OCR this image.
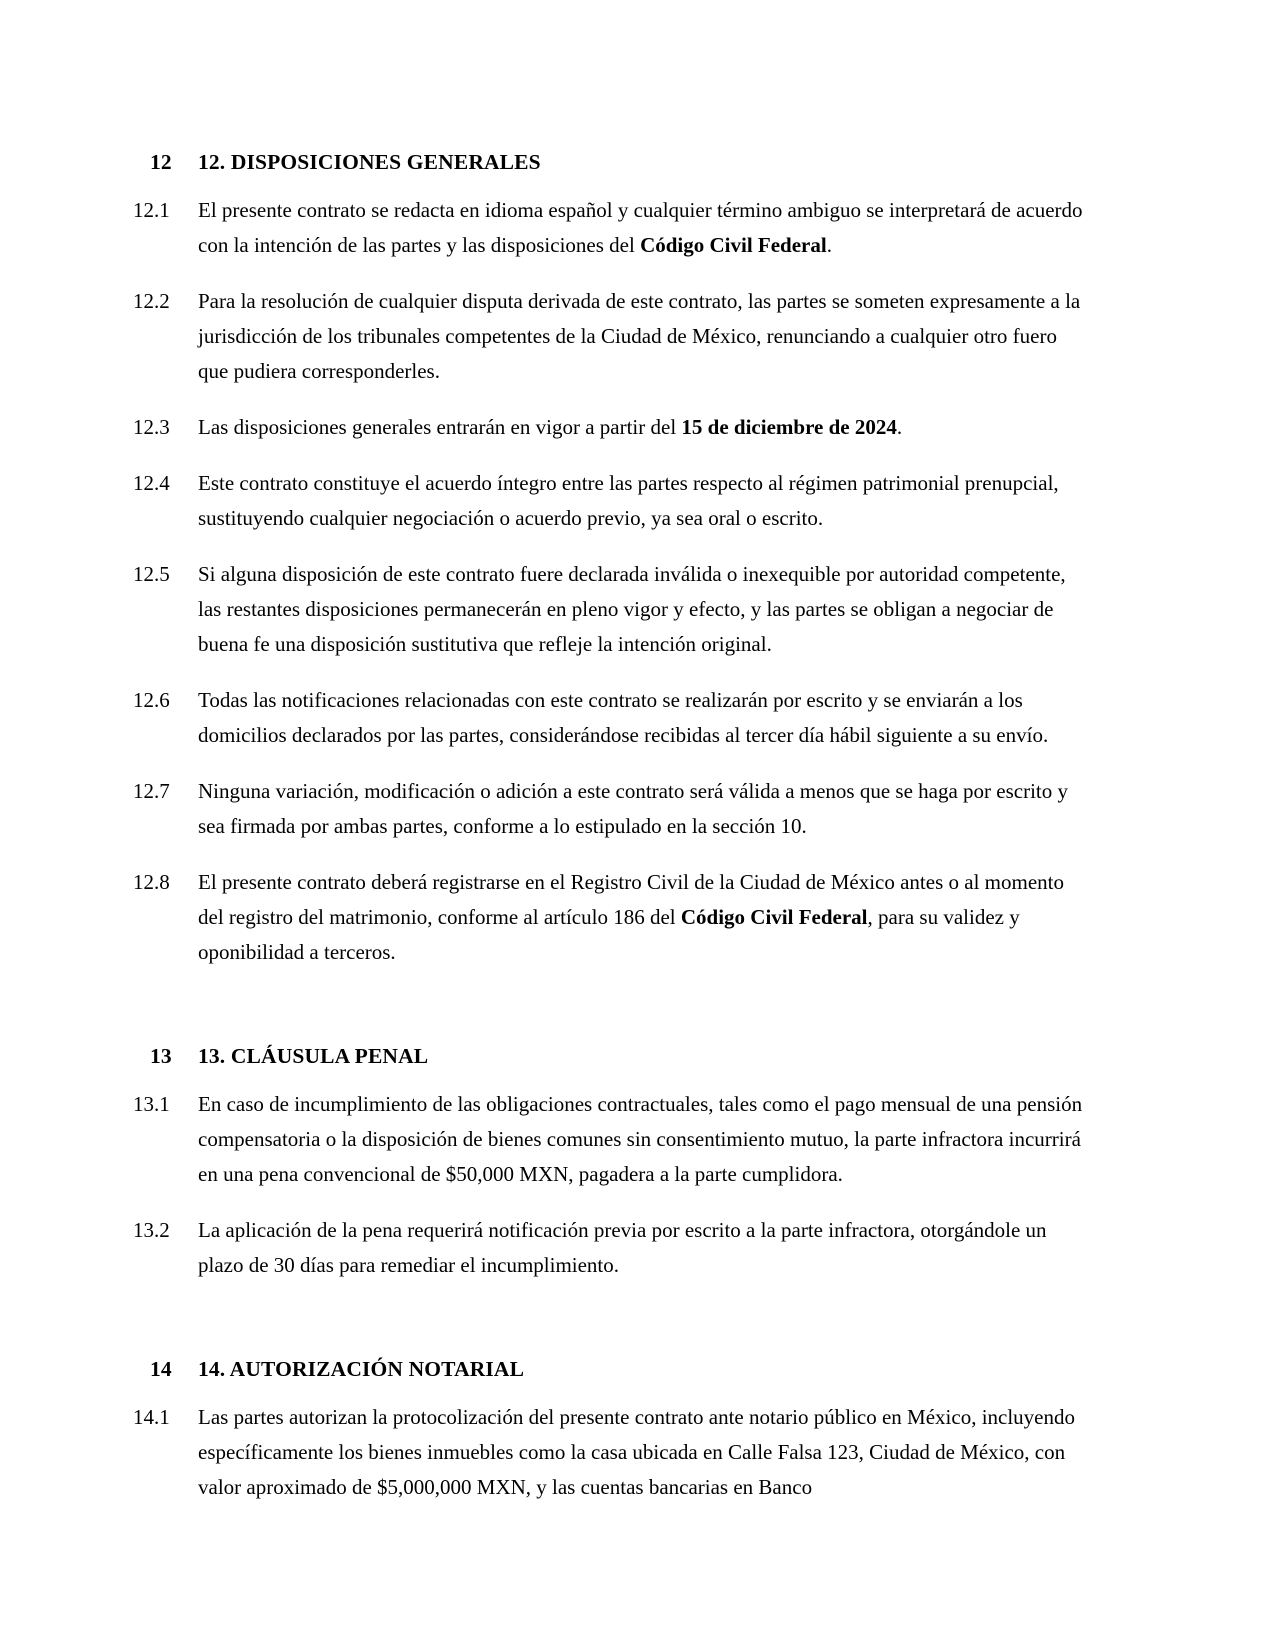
12	12. DISPOSICIONES GENERALES
12.1	El presente contrato se redacta en idioma español y cualquier término ambiguo se interpretará de acuerdo con la intención de las partes y las disposiciones del Código Civil Federal.
12.2	Para la resolución de cualquier disputa derivada de este contrato, las partes se someten expresamente a la jurisdicción de los tribunales competentes de la Ciudad de México, renunciando a cualquier otro fuero que pudiera corresponderles.
12.3	Las disposiciones generales entrarán en vigor a partir del 15 de diciembre de 2024.
12.4	Este contrato constituye el acuerdo íntegro entre las partes respecto al régimen patrimonial prenupcial, sustituyendo cualquier negociación o acuerdo previo, ya sea oral o escrito.
12.5	Si alguna disposición de este contrato fuere declarada inválida o inexequible por autoridad competente, las restantes disposiciones permanecerán en pleno vigor y efecto, y las partes se obligan a negociar de buena fe una disposición sustitutiva que refleje la intención original.
12.6	Todas las notificaciones relacionadas con este contrato se realizarán por escrito y se enviarán a los domicilios declarados por las partes, considerándose recibidas al tercer día hábil siguiente a su envío.
12.7	Ninguna variación, modificación o adición a este contrato será válida a menos que se haga por escrito y sea firmada por ambas partes, conforme a lo estipulado en la sección 10.
12.8	El presente contrato deberá registrarse en el Registro Civil de la Ciudad de México antes o al momento del registro del matrimonio, conforme al artículo 186 del Código Civil Federal, para su validez y oponibilidad a terceros.
13	13. CLÁUSULA PENAL
13.1	En caso de incumplimiento de las obligaciones contractuales, tales como el pago mensual de una pensión compensatoria o la disposición de bienes comunes sin consentimiento mutuo, la parte infractora incurrirá en una pena convencional de $50,000 MXN, pagadera a la parte cumplidora.
13.2	La aplicación de la pena requerirá notificación previa por escrito a la parte infractora, otorgándole un plazo de 30 días para remediar el incumplimiento.
14	14. AUTORIZACIÓN NOTARIAL
14.1	Las partes autorizan la protocolización del presente contrato ante notario público en México, incluyendo específicamente los bienes inmuebles como la casa ubicada en Calle Falsa 123, Ciudad de México, con valor aproximado de $5,000,000 MXN, y las cuentas bancarias en Banco
